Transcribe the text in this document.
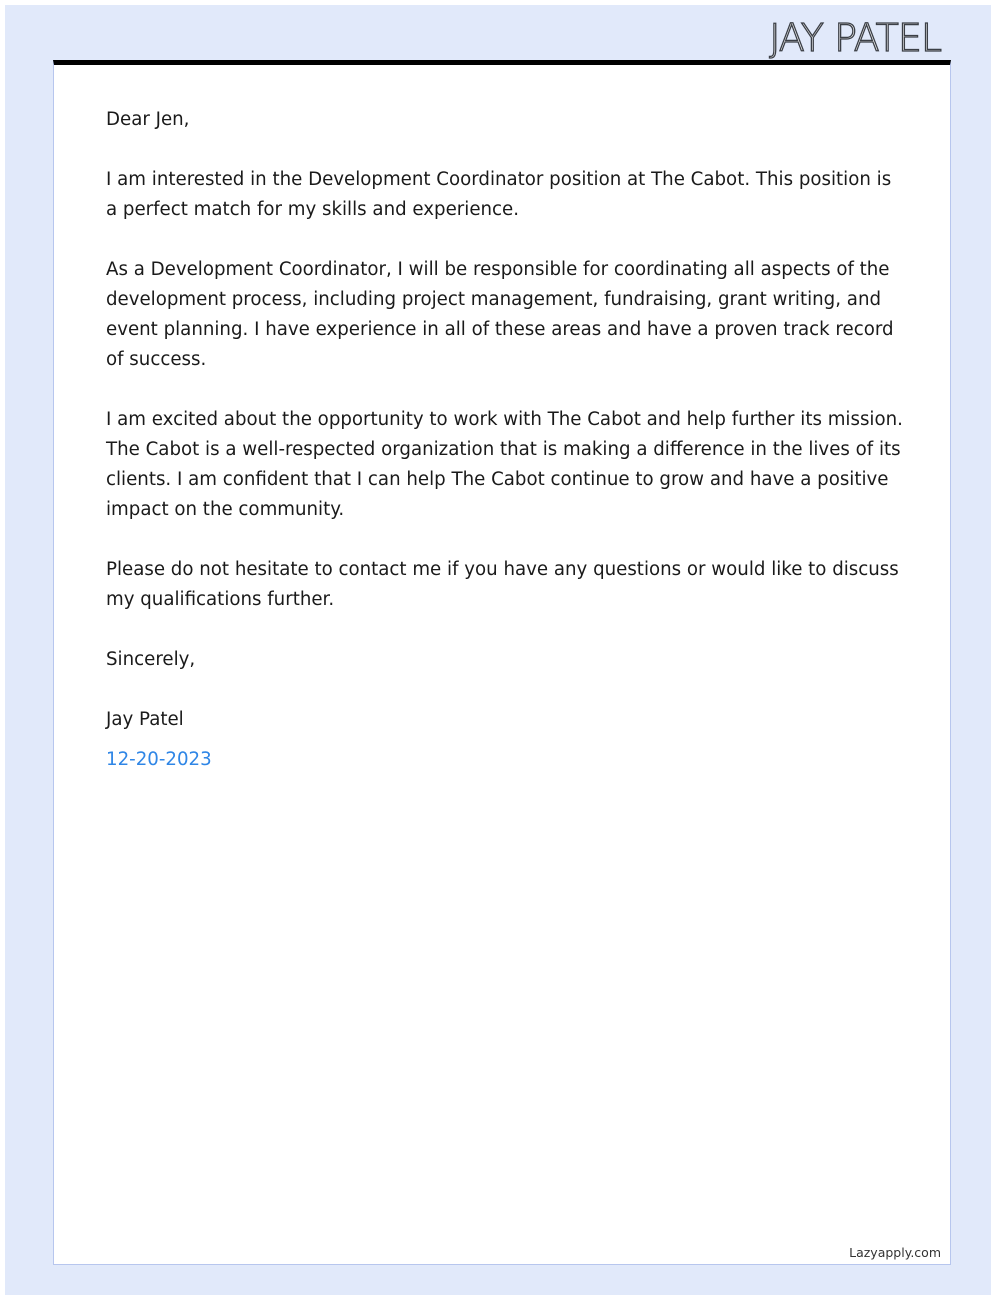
JAY PATEL

Dear Jen,

I am interested in the Development Coordinator position at The Cabot. This position is a perfect match for my skills and experience.

As a Development Coordinator, I will be responsible for coordinating all aspects of the development process, including project management, fundraising, grant writing, and event planning. I have experience in all of these areas and have a proven track record of success.

I am excited about the opportunity to work with The Cabot and help further its mission. The Cabot is a well-respected organization that is making a difference in the lives of its clients. I am confident that I can help The Cabot continue to grow and have a positive impact on the community.

Please do not hesitate to contact me if you have any questions or would like to discuss my qualifications further.

Sincerely,

Jay Patel

12-20-2023

Lazyapply.com
